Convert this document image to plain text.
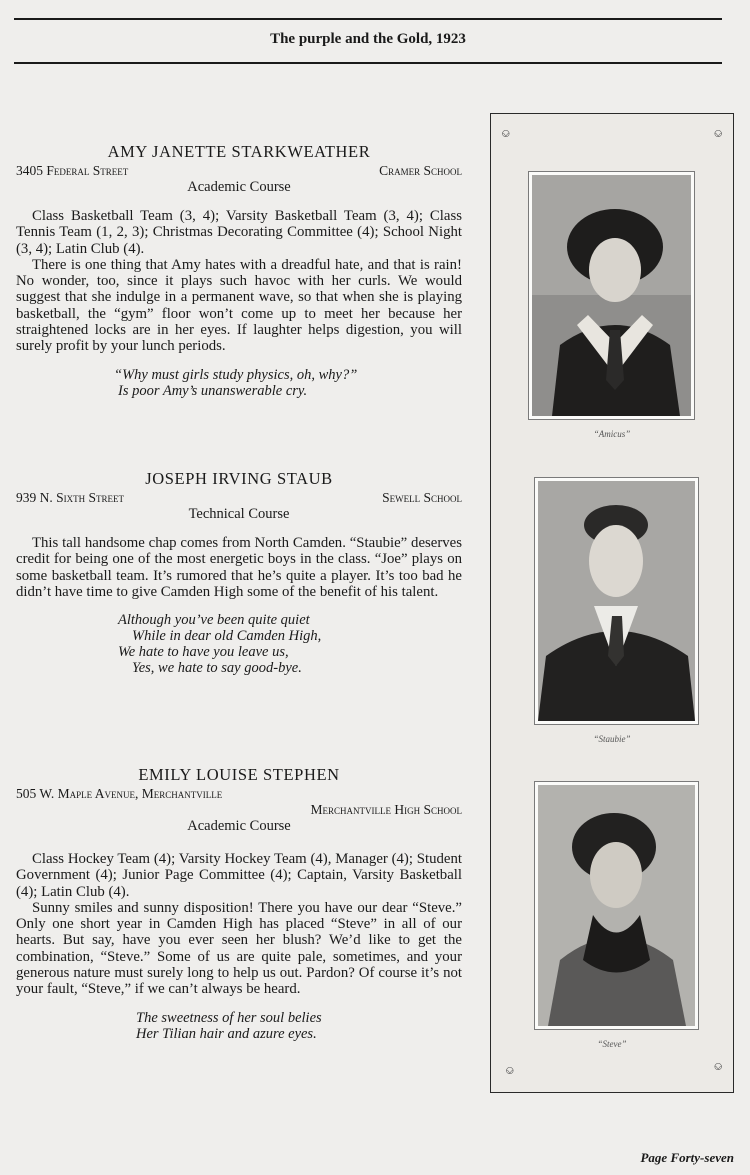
The purple and the Gold, 1923
AMY JANETTE STARKWEATHER
3405 Federal Street	Cramer School
Academic Course

Class Basketball Team (3, 4); Varsity Basketball Team (3, 4); Class Tennis Team (1, 2, 3); Christmas Decorating Committee (4); School Night (3, 4); Latin Club (4).

There is one thing that Amy hates with a dreadful hate, and that is rain! No wonder, too, since it plays such havoc with her curls. We would suggest that she indulge in a permanent wave, so that when she is playing basketball, the “gym” floor won’t come up to meet her because her straightened locks are in her eyes. If laughter helps digestion, you will surely profit by your lunch periods.

“Why must girls study physics, oh, why?”
Is poor Amy’s unanswerable cry.
JOSEPH IRVING STAUB
939 N. Sixth Street	Sewell School
Technical Course

This tall handsome chap comes from North Camden. “Staubie” deserves credit for being one of the most energetic boys in the class. “Joe” plays on some basketball team. It’s rumored that he’s quite a player. It’s too bad he didn’t have time to give Camden High some of the benefit of his talent.

Although you’ve been quite quiet
While in dear old Camden High,
We hate to have you leave us,
Yes, we hate to say good-bye.
EMILY LOUISE STEPHEN
505 W. Maple Avenue, Merchantville
Merchantville High School
Academic Course

Class Hockey Team (4); Varsity Hockey Team (4), Manager (4); Student Government (4); Junior Page Committee (4); Captain, Varsity Basketball (4); Latin Club (4).

Sunny smiles and sunny disposition! There you have our dear “Steve.” Only one short year in Camden High has placed “Steve” in all of our hearts. But say, have you ever seen her blush? We’d like to get the combination, “Steve.” Some of us are quite pale, sometimes, and your generous nature must surely long to help us out. Pardon? Of course it’s not your fault, “Steve,” if we can’t always be heard.

The sweetness of her soul belies
Her Tilian hair and azure eyes.
⎉	⎉
⎉	⎉
“Amicus”
“Staubie”
“Steve”
Page Forty-seven
